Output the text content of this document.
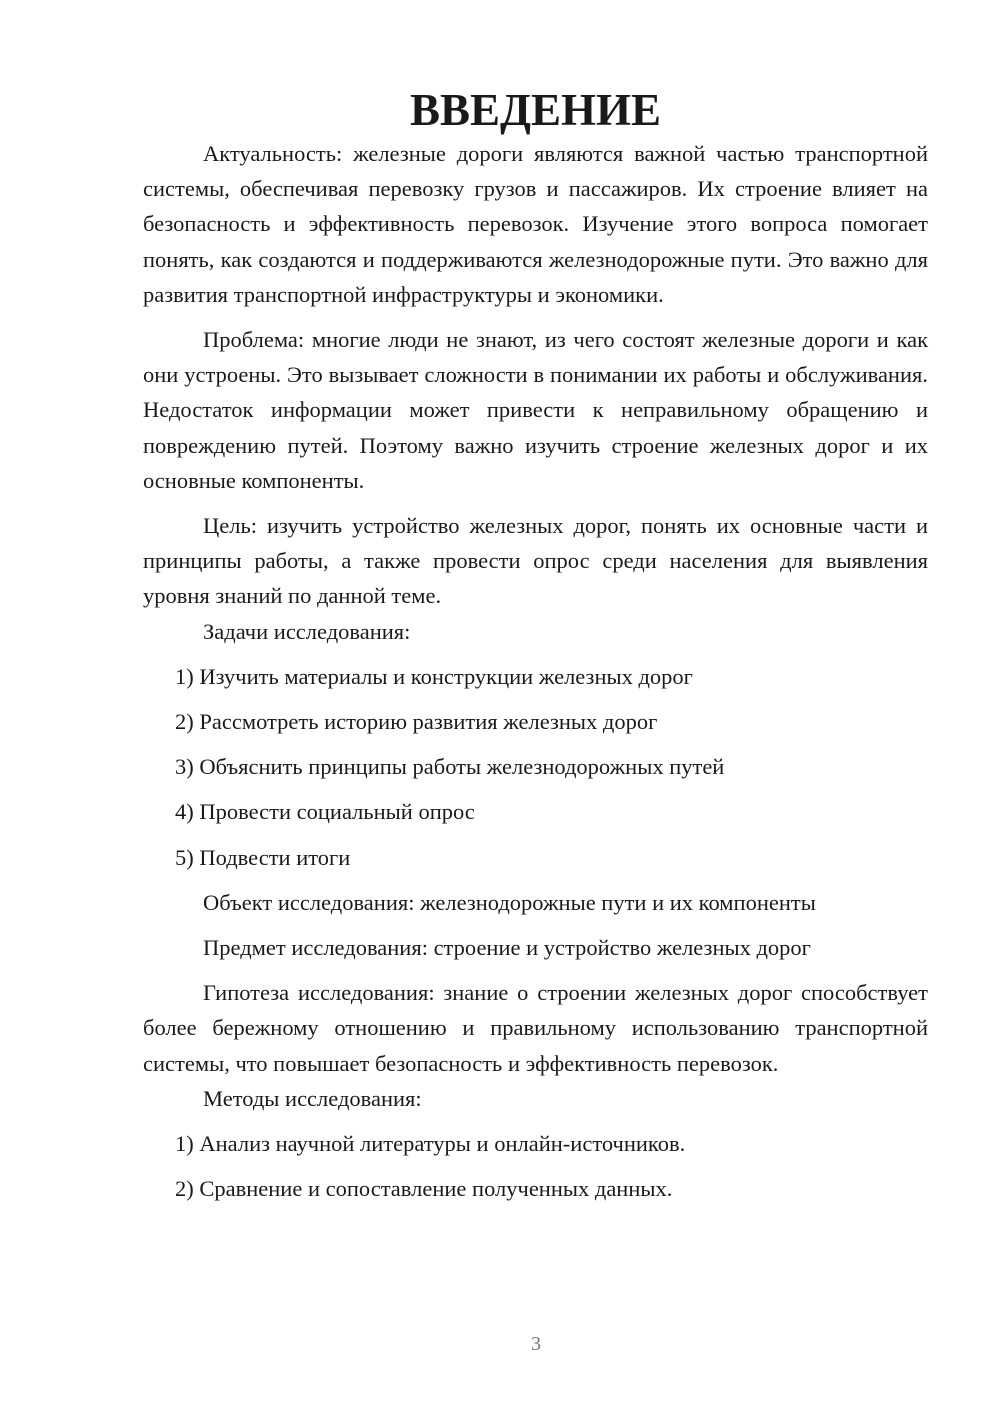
ВВЕДЕНИЕ

Актуальность: железные дороги являются важной частью транспортной системы, обеспечивая перевозку грузов и пассажиров. Их строение влияет на безопасность и эффективность перевозок. Изучение этого вопроса помогает понять, как создаются и поддерживаются железнодорожные пути. Это важно для развития транспортной инфраструктуры и экономики.

Проблема: многие люди не знают, из чего состоят железные дороги и как они устроены. Это вызывает сложности в понимании их работы и обслуживания. Недостаток информации может привести к неправильному обращению и повреждению путей. Поэтому важно изучить строение железных дорог и их основные компоненты.

Цель: изучить устройство железных дорог, понять их основные части и принципы работы, а также провести опрос среди населения для выявления уровня знаний по данной теме.

Задачи исследования:

1) Изучить материалы и конструкции железных дорог
2) Рассмотреть историю развития железных дорог
3) Объяснить принципы работы железнодорожных путей
4) Провести социальный опрос
5) Подвести итоги

Объект исследования: железнодорожные пути и их компоненты

Предмет исследования: строение и устройство железных дорог

Гипотеза исследования: знание о строении железных дорог способствует более бережному отношению и правильному использованию транспортной системы, что повышает безопасность и эффективность перевозок.

Методы исследования:

1) Анализ научной литературы и онлайн-источников.
2) Сравнение и сопоставление полученных данных.
3
